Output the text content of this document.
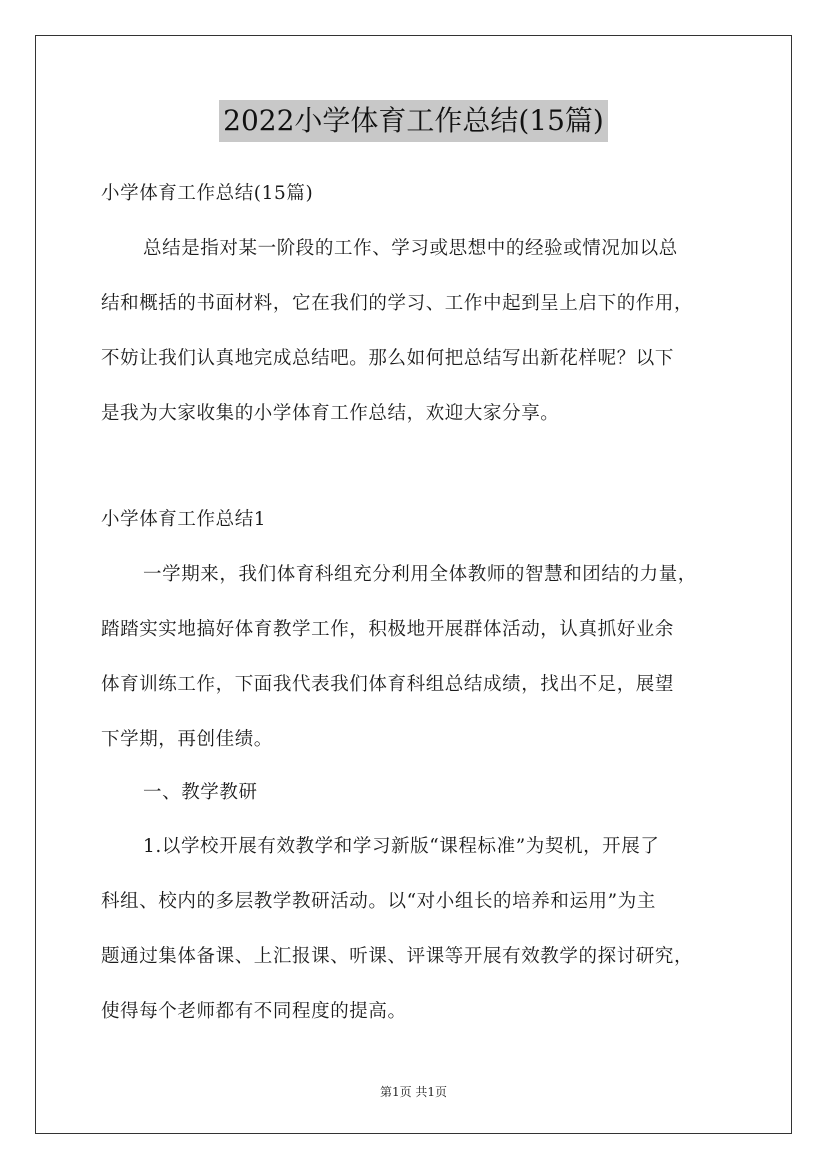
2022小学体育工作总结(15篇)
小学体育工作总结(15篇)
总结是指对某一阶段的工作、学习或思想中的经验或情况加以总
结和概括的书面材料，它在我们的学习、工作中起到呈上启下的作用，
不妨让我们认真地完成总结吧。那么如何把总结写出新花样呢？以下
是我为大家收集的小学体育工作总结，欢迎大家分享。
小学体育工作总结1
一学期来，我们体育科组充分利用全体教师的智慧和团结的力量，
踏踏实实地搞好体育教学工作，积极地开展群体活动，认真抓好业余
体育训练工作，下面我代表我们体育科组总结成绩，找出不足，展望
下学期，再创佳绩。
一、教学教研
1.以学校开展有效教学和学习新版“课程标准”为契机，开展了
科组、校内的多层教学教研活动。以“对小组长的培养和运用”为主
题通过集体备课、上汇报课、听课、评课等开展有效教学的探讨研究，
使得每个老师都有不同程度的提高。
第1页 共1页
